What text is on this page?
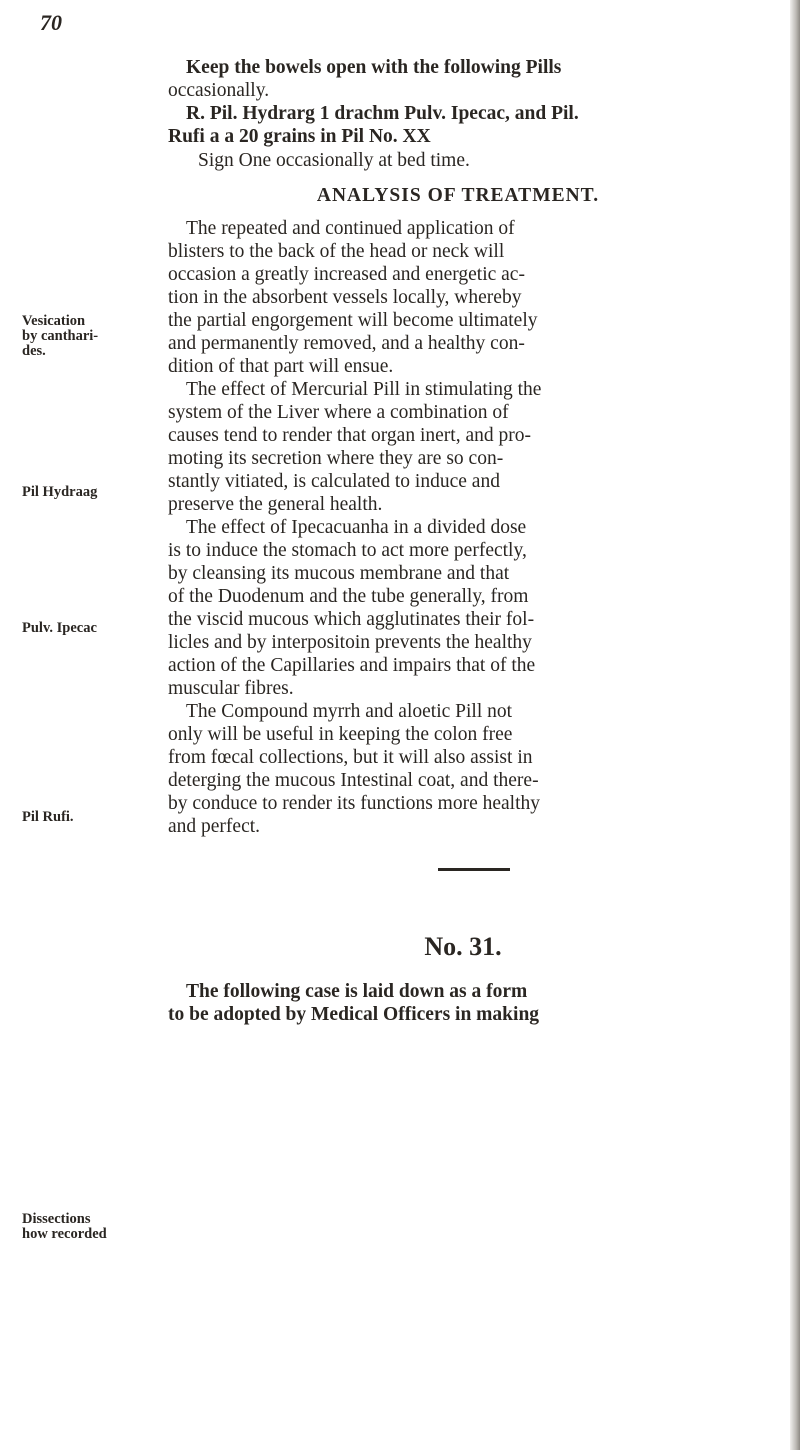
70
Keep the bowels open with the following Pills
occasionally.
R. Pil. Hydrarg 1 drachm Pulv. Ipecac, and Pil.
Rufi a a 20 grains in Pil No. XX
Sign One occasionally at bed time.
ANALYSIS OF TREATMENT.
The repeated and continued application of
blisters to the back of the head or neck will
occasion a greatly increased and energetic ac-
tion in the absorbent vessels locally, whereby
the partial engorgement will become ultimately
and permanently removed, and a healthy con-
dition of that part will ensue.
The effect of Mercurial Pill in stimulating the
system of the Liver where a combination of
causes tend to render that organ inert, and pro-
moting its secretion where they are so con-
stantly vitiated, is calculated to induce and
preserve the general health.
The effect of Ipecacuanha in a divided dose
is to induce the stomach to act more perfectly,
by cleansing its mucous membrane and that
of the Duodenum and the tube generally, from
the viscid mucous which agglutinates their fol-
licles and by interpositoin prevents the healthy
action of the Capillaries and impairs that of the
muscular fibres.
The Compound myrrh and aloetic Pill not
only will be useful in keeping the colon free
from fœcal collections, but it will also assist in
deterging the mucous Intestinal coat, and there-
by conduce to render its functions more healthy
and perfect.
No. 31.
The following case is laid down as a form
to be adopted by Medical Officers in making
Vesication
by canthari-
des.
Pil Hydraag
Pulv. Ipecac
Pil Rufi.
Dissections
how recorded
